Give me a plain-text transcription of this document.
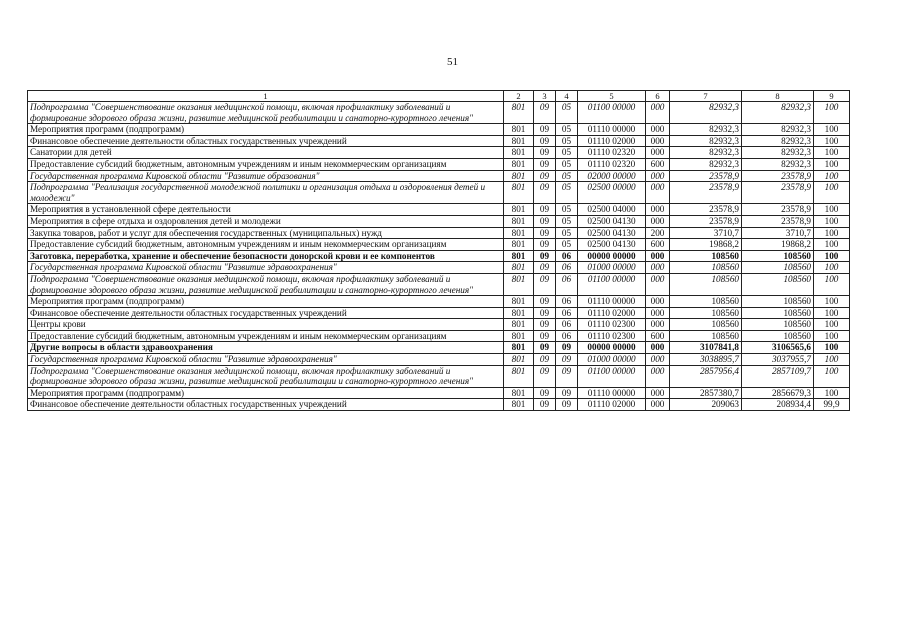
51
1	2	3	4	5	6	7	8	9
Подпрограмма "Совершенствование оказания медицинской помощи, включая профилактику заболеваний и формирование здорового образа жизни, развитие медицинской реабилитации и санаторно-курортного лечения"	801	09	05	01100 00000	000	82932,3	82932,3	100
Мероприятия программ (подпрограмм)	801	09	05	01110 00000	000	82932,3	82932,3	100
Финансовое обеспечение деятельности областных государственных учреждений	801	09	05	01110 02000	000	82932,3	82932,3	100
Санатории для детей	801	09	05	01110 02320	000	82932,3	82932,3	100
Предоставление субсидий бюджетным, автономным учреждениям и иным некоммерческим организациям	801	09	05	01110 02320	600	82932,3	82932,3	100
Государственная программа Кировской области "Развитие образования"	801	09	05	02000 00000	000	23578,9	23578,9	100
Подпрограмма "Реализация государственной молодежной политики и организация отдыха и оздоровления детей и молодежи"	801	09	05	02500 00000	000	23578,9	23578,9	100
Мероприятия в установленной сфере деятельности	801	09	05	02500 04000	000	23578,9	23578,9	100
Мероприятия в сфере отдыха и оздоровления детей и молодежи	801	09	05	02500 04130	000	23578,9	23578,9	100
Закупка товаров, работ и услуг для обеспечения государственных (муниципальных) нужд	801	09	05	02500 04130	200	3710,7	3710,7	100
Предоставление субсидий бюджетным, автономным учреждениям и иным некоммерческим организациям	801	09	05	02500 04130	600	19868,2	19868,2	100
Заготовка, переработка, хранение и обеспечение безопасности донорской крови и ее компонентов	801	09	06	00000 00000	000	108560	108560	100
Государственная программа Кировской области "Развитие здравоохранения"	801	09	06	01000 00000	000	108560	108560	100
Подпрограмма "Совершенствование оказания медицинской помощи, включая профилактику заболеваний и формирование здорового образа жизни, развитие медицинской реабилитации и санаторно-курортного лечения"	801	09	06	01100 00000	000	108560	108560	100
Мероприятия программ (подпрограмм)	801	09	06	01110 00000	000	108560	108560	100
Финансовое обеспечение деятельности областных государственных учреждений	801	09	06	01110 02000	000	108560	108560	100
Центры крови	801	09	06	01110 02300	000	108560	108560	100
Предоставление субсидий бюджетным, автономным учреждениям и иным некоммерческим организациям	801	09	06	01110 02300	600	108560	108560	100
Другие вопросы в области здравоохранения	801	09	09	00000 00000	000	3107841,8	3106565,6	100
Государственная программа Кировской области "Развитие здравоохранения"	801	09	09	01000 00000	000	3038895,7	3037955,7	100
Подпрограмма "Совершенствование оказания медицинской помощи, включая профилактику заболеваний и формирование здорового образа жизни, развитие медицинской реабилитации и санаторно-курортного лечения"	801	09	09	01100 00000	000	2857956,4	2857109,7	100
Мероприятия программ (подпрограмм)	801	09	09	01110 00000	000	2857380,7	2856679,3	100
Финансовое обеспечение деятельности областных государственных учреждений	801	09	09	01110 02000	000	209063	208934,4	99,9
